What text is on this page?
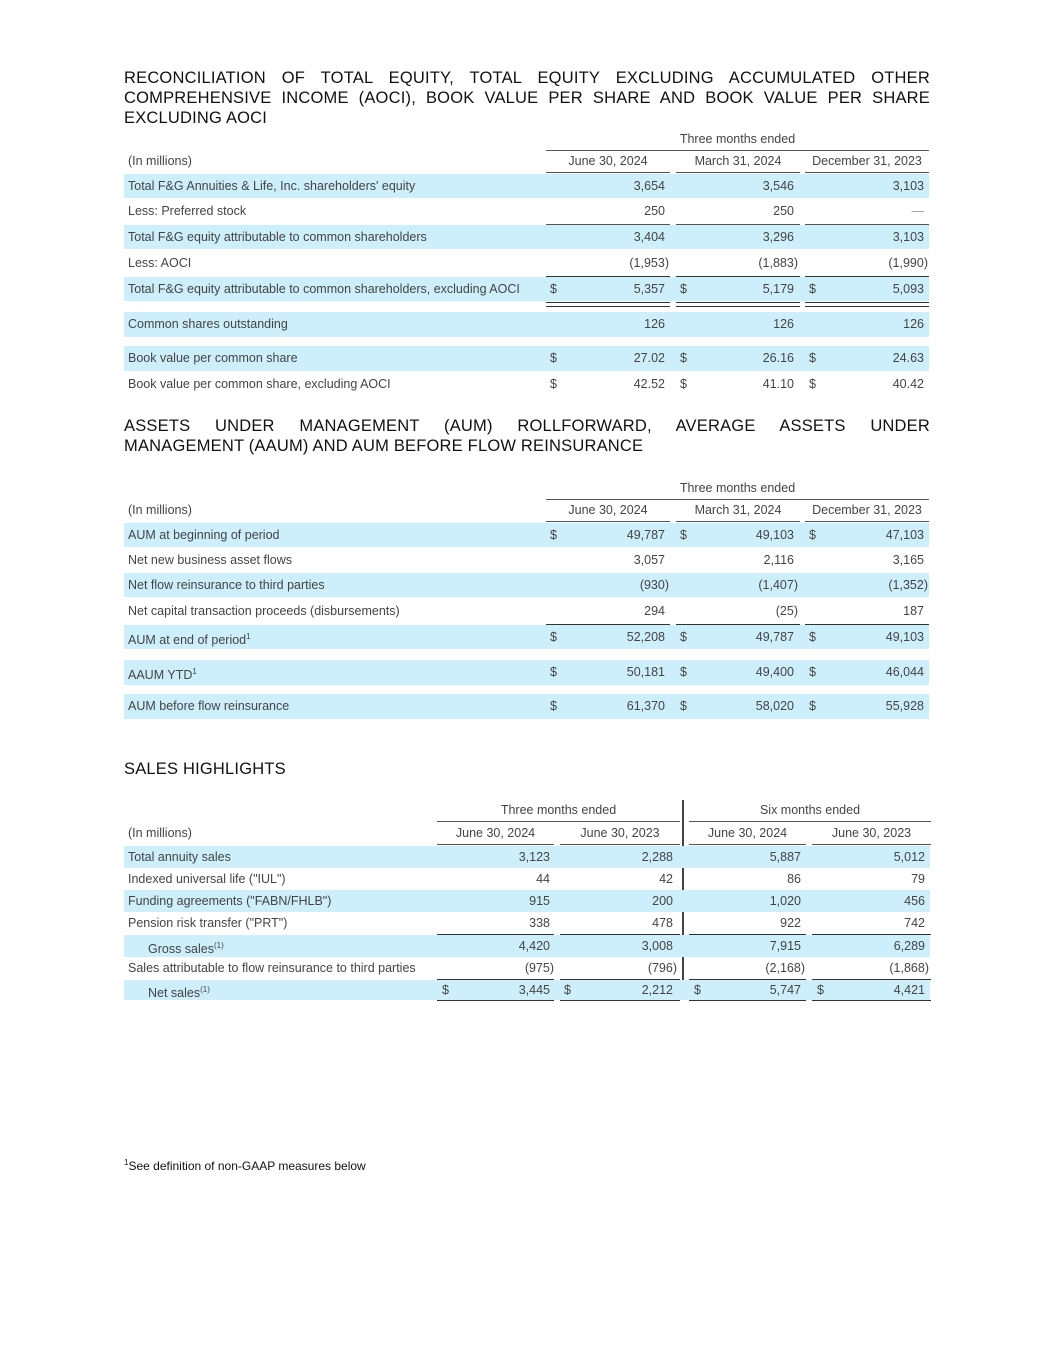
RECONCILIATION OF TOTAL EQUITY, TOTAL EQUITY EXCLUDING ACCUMULATED OTHER
COMPREHENSIVE INCOME (AOCI), BOOK VALUE PER SHARE AND BOOK VALUE PER SHARE
EXCLUDING AOCI
Three months ended
(In millions)	June 30, 2024	March 31, 2024	December 31, 2023
Total F&G Annuities & Life, Inc. shareholders' equity	3,654	3,546	3,103
Less: Preferred stock	250	250	—
Total F&G equity attributable to common shareholders	3,404	3,296	3,103
Less: AOCI	(1,953)	(1,883)	(1,990)
Total F&G equity attributable to common shareholders, excluding AOCI $	5,357 $	5,179 $	5,093
Common shares outstanding	126	126	126
Book value per common share	$	27.02 $	26.16 $	24.63
Book value per common share, excluding AOCI	$	42.52 $	41.10 $	40.42
ASSETS UNDER MANAGEMENT (AUM) ROLLFORWARD, AVERAGE ASSETS UNDER
MANAGEMENT (AAUM) AND AUM BEFORE FLOW REINSURANCE
Three months ended
(In millions)	June 30, 2024	March 31, 2024	December 31, 2023
AUM at beginning of period	$	49,787 $	49,103 $	47,103
Net new business asset flows	3,057	2,116	3,165
Net flow reinsurance to third parties	(930)	(1,407)	(1,352)
Net capital transaction proceeds (disbursements)	294	(25)	187
AUM at end of period$^1$	$	52,208 $	49,787 $	49,103
AAUM YTD$^1$	$	50,181 $	49,400 $	46,044
AUM before flow reinsurance	$	61,370 $	58,020 $	55,928
SALES HIGHLIGHTS
Three months ended	Six months ended
(In millions)	June 30, 2024	June 30, 2023	June 30, 2024	June 30, 2023
Total annuity sales	3,123	2,288	5,887	5,012
Indexed universal life ("IUL")	44	42	86	79
Funding agreements ("FABN/FHLB")	915	200	1,020	456
Pension risk transfer ("PRT")	338	478	922	742
Gross sales$^{(1)}$	4,420	3,008	7,915	6,289
Sales attributable to flow reinsurance to third parties	(975)	(796)	(2,168)	(1,868)
Net sales$^{(1)}$	$	3,445 $	2,212 $	5,747 $	4,421
$^1$See definition of non-GAAP measures below
